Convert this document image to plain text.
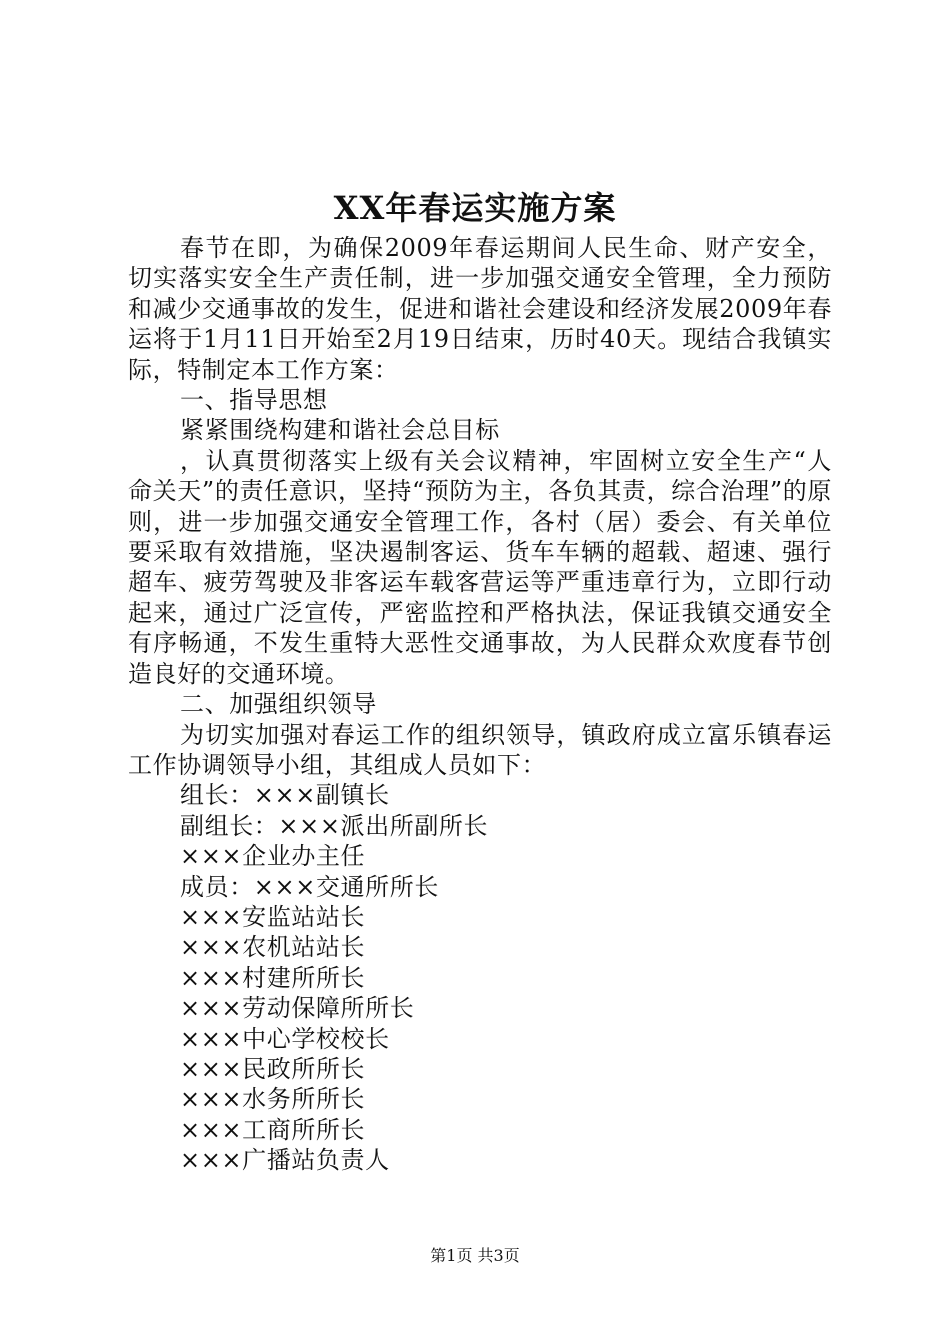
XX年春运实施方案

春节在即，为确保2009年春运期间人民生命、财产安全，切实落实安全生产责任制，进一步加强交通安全管理，全力预防和减少交通事故的发生，促进和谐社会建设和经济发展2009年春运将于1月11日开始至2月19日结束，历时40天。现结合我镇实际，特制定本工作方案：

一、指导思想

紧紧围绕构建和谐社会总目标

，认真贯彻落实上级有关会议精神，牢固树立安全生产“人命关天”的责任意识，坚持“预防为主，各负其责，综合治理”的原则，进一步加强交通安全管理工作，各村（居）委会、有关单位要采取有效措施，坚决遏制客运、货车车辆的超载、超速、强行超车、疲劳驾驶及非客运车载客营运等严重违章行为，立即行动起来，通过广泛宣传，严密监控和严格执法，保证我镇交通安全有序畅通，不发生重特大恶性交通事故，为人民群众欢度春节创造良好的交通环境。

二、加强组织领导

为切实加强对春运工作的组织领导，镇政府成立富乐镇春运工作协调领导小组，其组成人员如下：

组长：×××副镇长

副组长：×××派出所副所长

×××企业办主任

成员：×××交通所所长

×××安监站站长

×××农机站站长

×××村建所所长

×××劳动保障所所长

×××中心学校校长

×××民政所所长

×××水务所所长

×××工商所所长

×××广播站负责人

第1页 共3页
